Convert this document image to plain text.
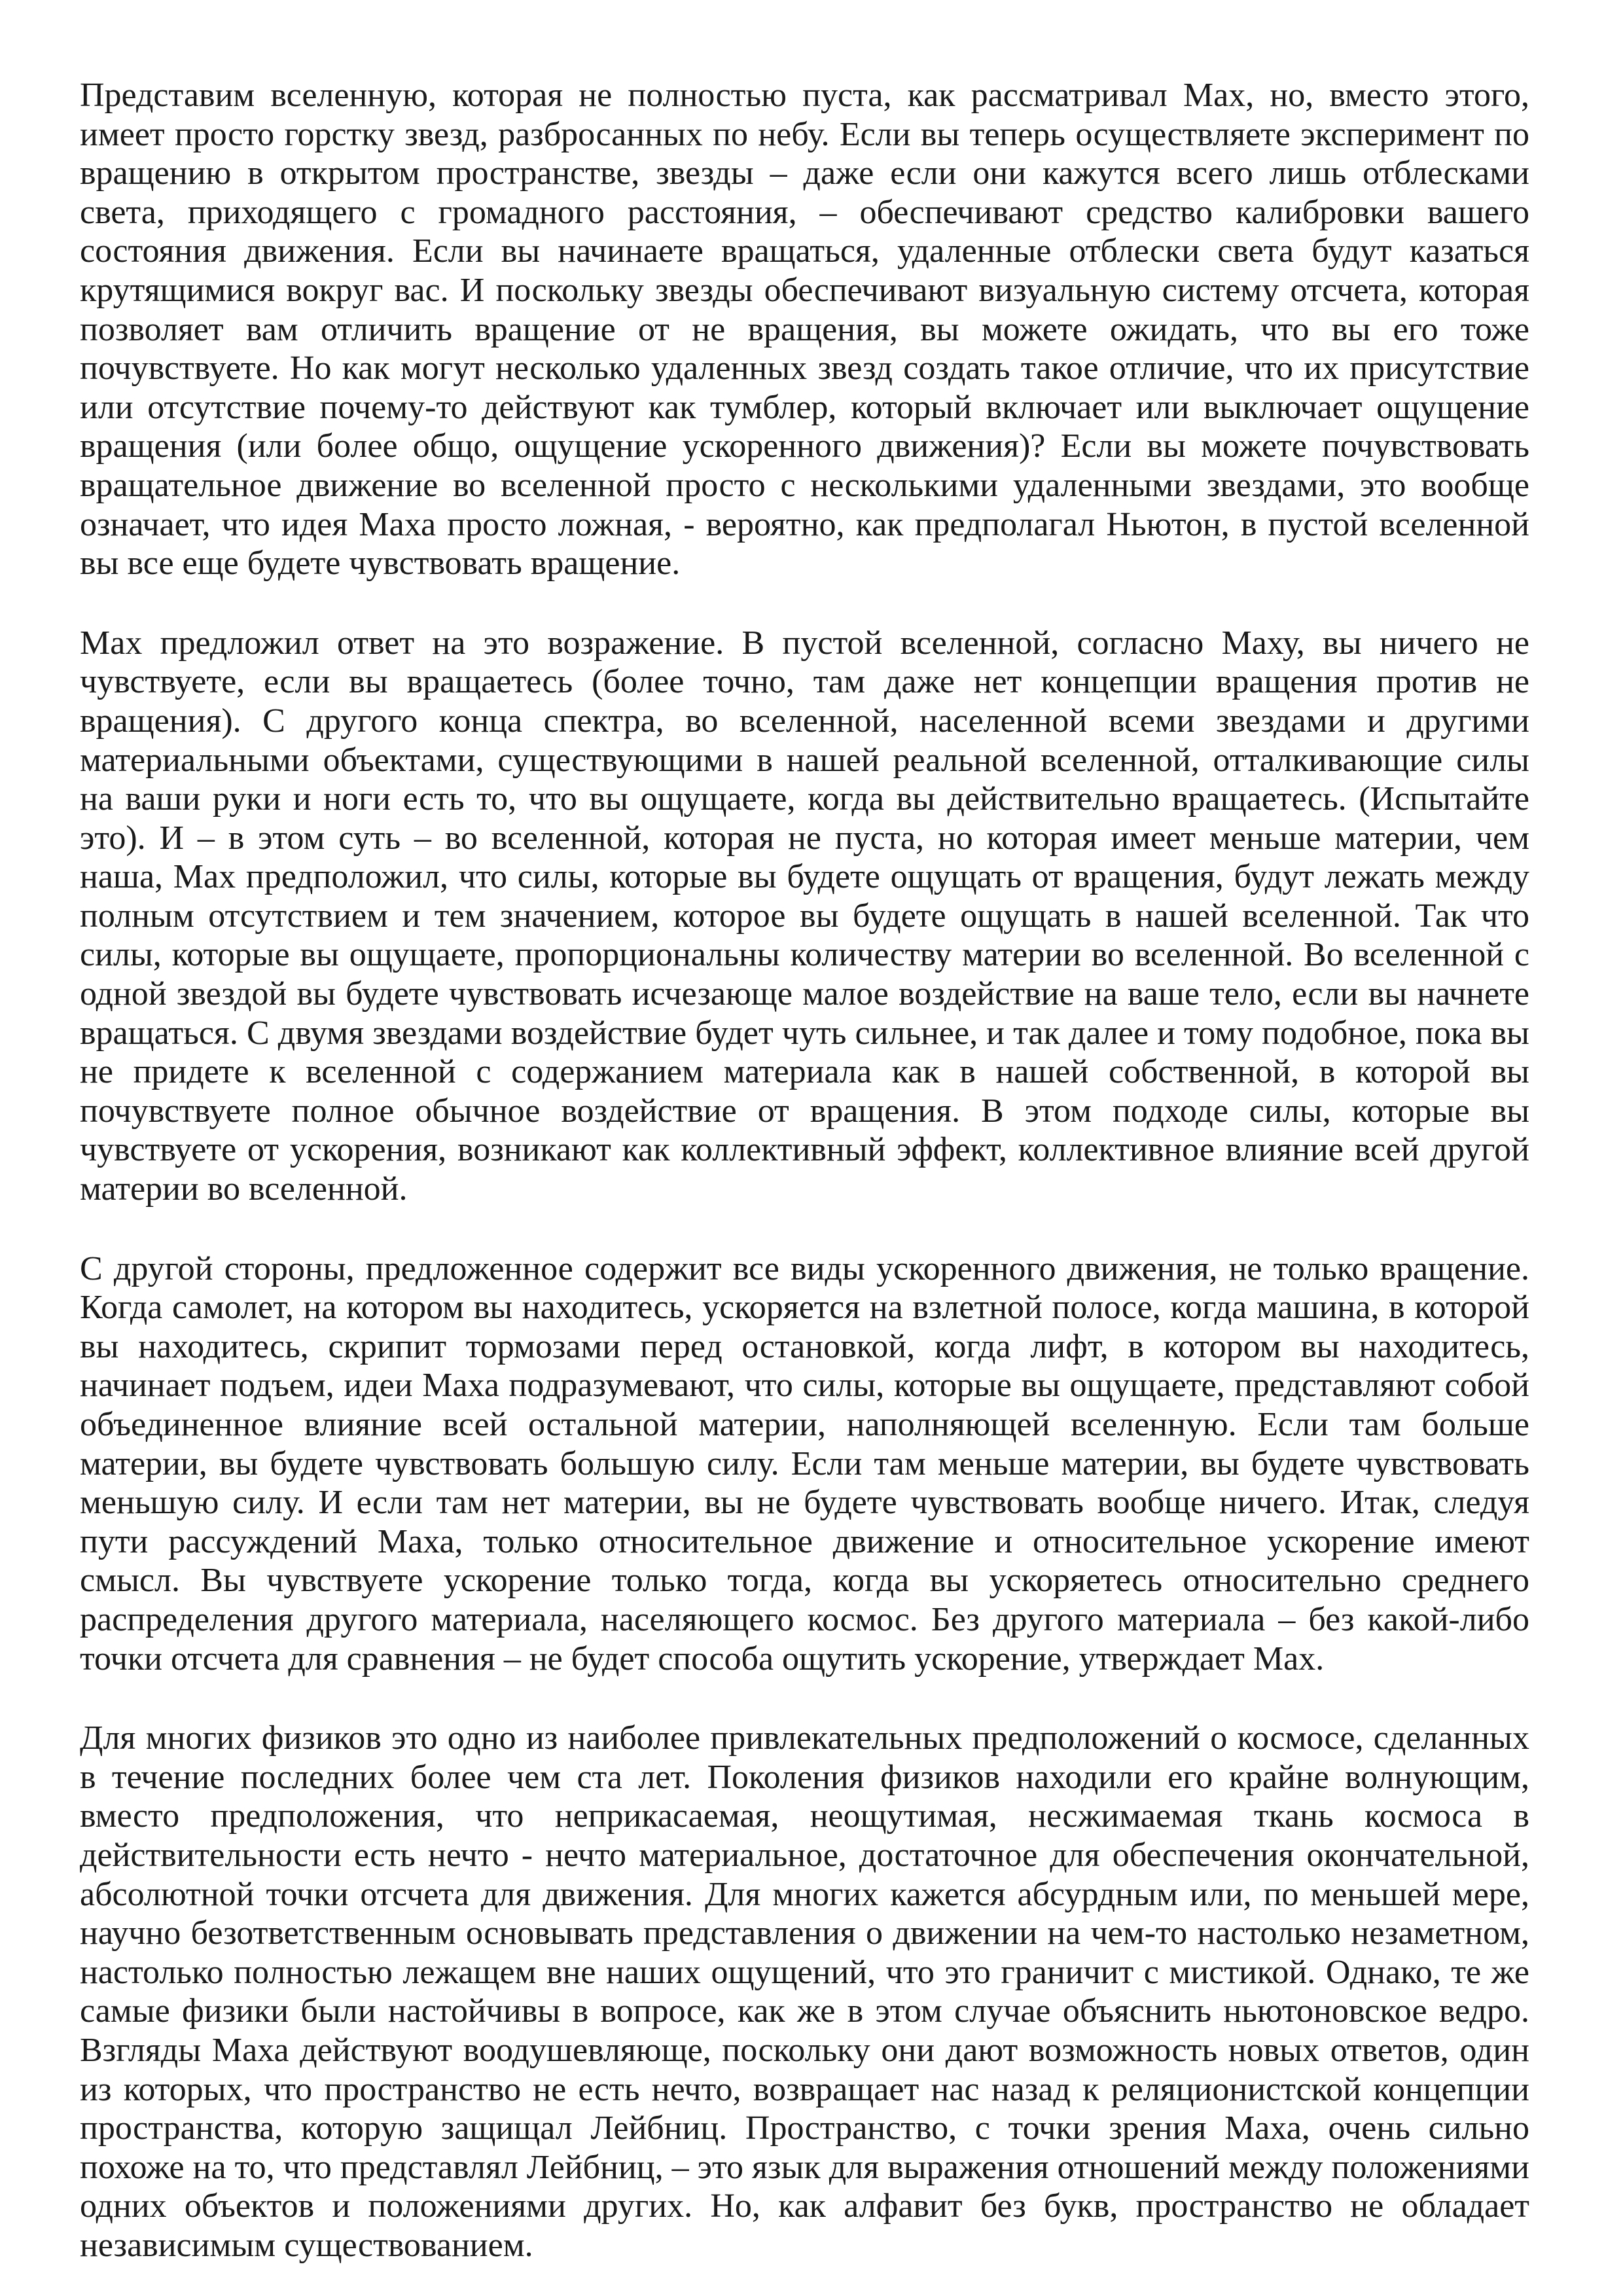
Представим вселенную, которая не полностью пуста, как рассматривал Мах, но, вместо этого, имеет просто горстку звезд, разбросанных по небу. Если вы теперь осуществляете эксперимент по вращению в открытом пространстве, звезды – даже если они кажутся всего лишь отблесками света, приходящего с громадного расстояния, – обеспечивают средство калибровки вашего состояния движения. Если вы начинаете вращаться, удаленные отблески света будут казаться крутящимися вокруг вас. И поскольку звезды обеспечивают визуальную систему отсчета, которая позволяет вам отличить вращение от не вращения, вы можете ожидать, что вы его тоже почувствуете. Но как могут несколько удаленных звезд создать такое отличие, что их присутствие или отсутствие почему-то действуют как тумблер, который включает или выключает ощущение вращения (или более общо, ощущение ускоренного движения)? Если вы можете почувствовать вращательное движение во вселенной просто с несколькими удаленными звездами, это вообще означает, что идея Маха просто ложная, - вероятно, как предполагал Ньютон, в пустой вселенной вы все еще будете чувствовать вращение.

Мах предложил ответ на это возражение. В пустой вселенной, согласно Маху, вы ничего не чувствуете, если вы вращаетесь (более точно, там даже нет концепции вращения против не вращения). С другого конца спектра, во вселенной, населенной всеми звездами и другими материальными объектами, существующими в нашей реальной вселенной, отталкивающие силы на ваши руки и ноги есть то, что вы ощущаете, когда вы действительно вращаетесь. (Испытайте это). И – в этом суть – во вселенной, которая не пуста, но которая имеет меньше материи, чем наша, Мах предположил, что силы, которые вы будете ощущать от вращения, будут лежать между полным отсутствием и тем значением, которое вы будете ощущать в нашей вселенной. Так что силы, которые вы ощущаете, пропорциональны количеству материи во вселенной. Во вселенной с одной звездой вы будете чувствовать исчезающе малое воздействие на ваше тело, если вы начнете вращаться. С двумя звездами воздействие будет чуть сильнее, и так далее и тому подобное, пока вы не придете к вселенной с содержанием материала как в нашей собственной, в которой вы почувствуете полное обычное воздействие от вращения. В этом подходе силы, которые вы чувствуете от ускорения, возникают как коллективный эффект, коллективное влияние всей другой материи во вселенной.

С другой стороны, предложенное содержит все виды ускоренного движения, не только вращение. Когда самолет, на котором вы находитесь, ускоряется на взлетной полосе, когда машина, в которой вы находитесь, скрипит тормозами перед остановкой, когда лифт, в котором вы находитесь, начинает подъем, идеи Маха подразумевают, что силы, которые вы ощущаете, представляют собой объединенное влияние всей остальной материи, наполняющей вселенную. Если там больше материи, вы будете чувствовать большую силу. Если там меньше материи, вы будете чувствовать меньшую силу. И если там нет материи, вы не будете чувствовать вообще ничего. Итак, следуя пути рассуждений Маха, только относительное движение и относительное ускорение имеют смысл. Вы чувствуете ускорение только тогда, когда вы ускоряетесь относительно среднего распределения другого материала, населяющего космос. Без другого материала – без какой-либо точки отсчета для сравнения – не будет способа ощутить ускорение, утверждает Мах.

Для многих физиков это одно из наиболее привлекательных предположений о космосе, сделанных в течение последних более чем ста лет. Поколения физиков находили его крайне волнующим, вместо предположения, что неприкасаемая, неощутимая, несжимаемая ткань космоса в действительности есть нечто - нечто материальное, достаточное для обеспечения окончательной, абсолютной точки отсчета для движения. Для многих кажется абсурдным или, по меньшей мере, научно безответственным основывать представления о движении на чем-то настолько незаметном, настолько полностью лежащем вне наших ощущений, что это граничит с мистикой. Однако, те же самые физики были настойчивы в вопросе, как же в этом случае объяснить ньютоновское ведро. Взгляды Маха действуют воодушевляюще, поскольку они дают возможность новых ответов, один из которых, что пространство не есть нечто, возвращает нас назад к реляционистской концепции пространства, которую защищал Лейбниц. Пространство, с точки зрения Маха, очень сильно похоже на то, что представлял Лейбниц, – это язык для выражения отношений между положениями одних объектов и положениями других. Но, как алфавит без букв, пространство не обладает независимым существованием.
